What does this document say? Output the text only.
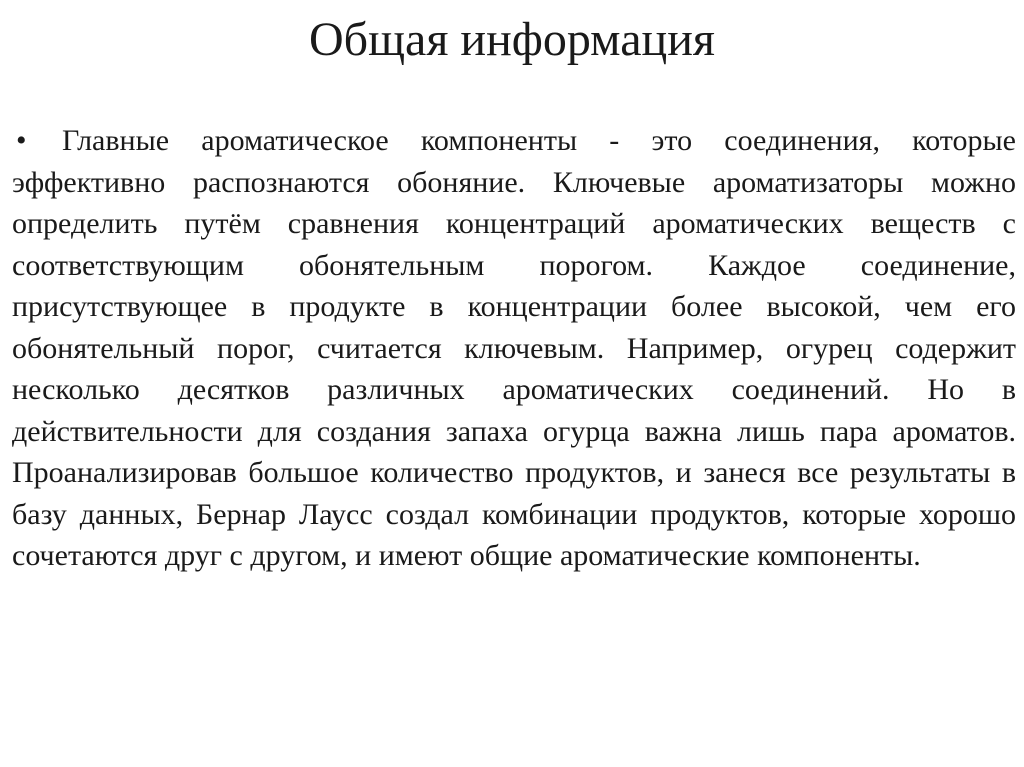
Общая информация

• Главные ароматическое компоненты - это соединения, которые эффективно распознаются обоняние. Ключевые ароматизаторы можно определить путём сравнения концентраций ароматических веществ с соответствующим обонятельным порогом. Каждое соединение, присутствующее в продукте в концентрации более высокой, чем его обонятельный порог, считается ключевым. Например, огурец содержит несколько десятков различных ароматических соединений. Но в действительности для создания запаха огурца важна лишь пара ароматов. Проанализировав большое количество продуктов, и занеся все результаты в базу данных, Бернар Лаусс создал комбинации продуктов, которые хорошо сочетаются друг с другом, и имеют общие ароматические компоненты.
